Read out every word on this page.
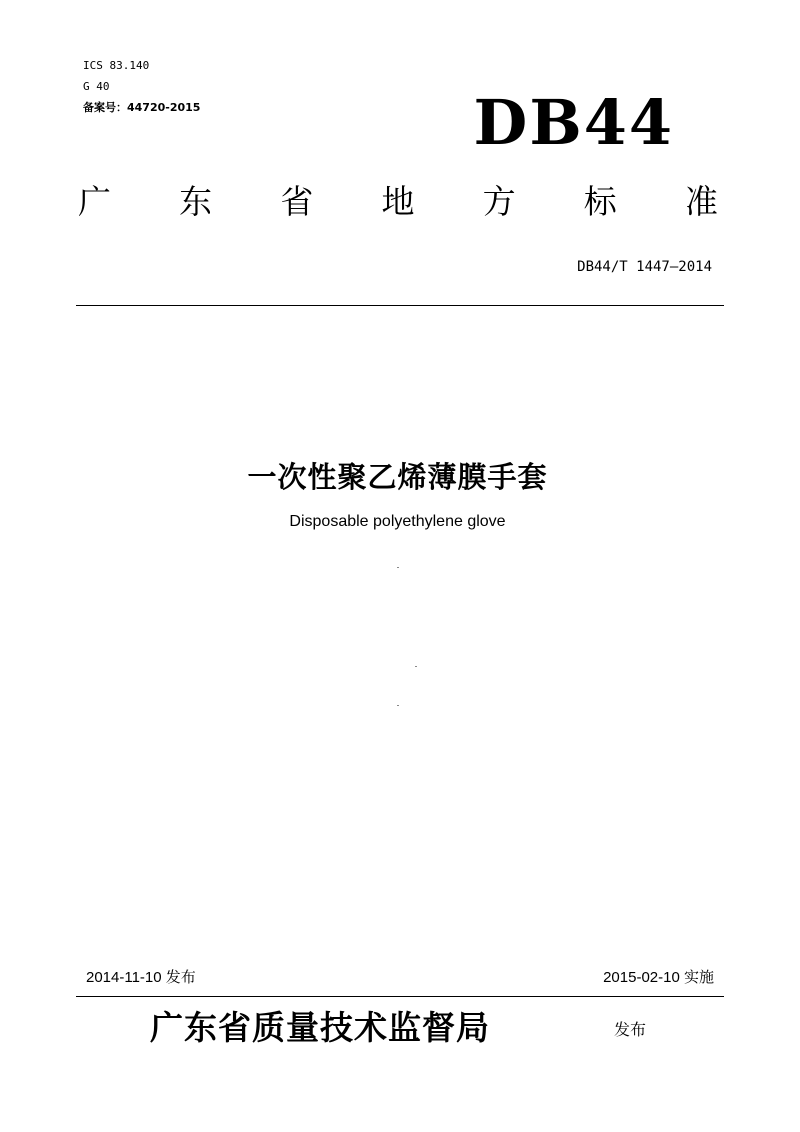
ICS 83.140
G 40
备案号：44720-2015	DB44
广 东 省 地 方 标 准
DB44/T 1447—2014
一次性聚乙烯薄膜手套
Disposable polyethylene glove
2014-11-10 发布	2015-02-10 实施
广东省质量技术监督局	发布
